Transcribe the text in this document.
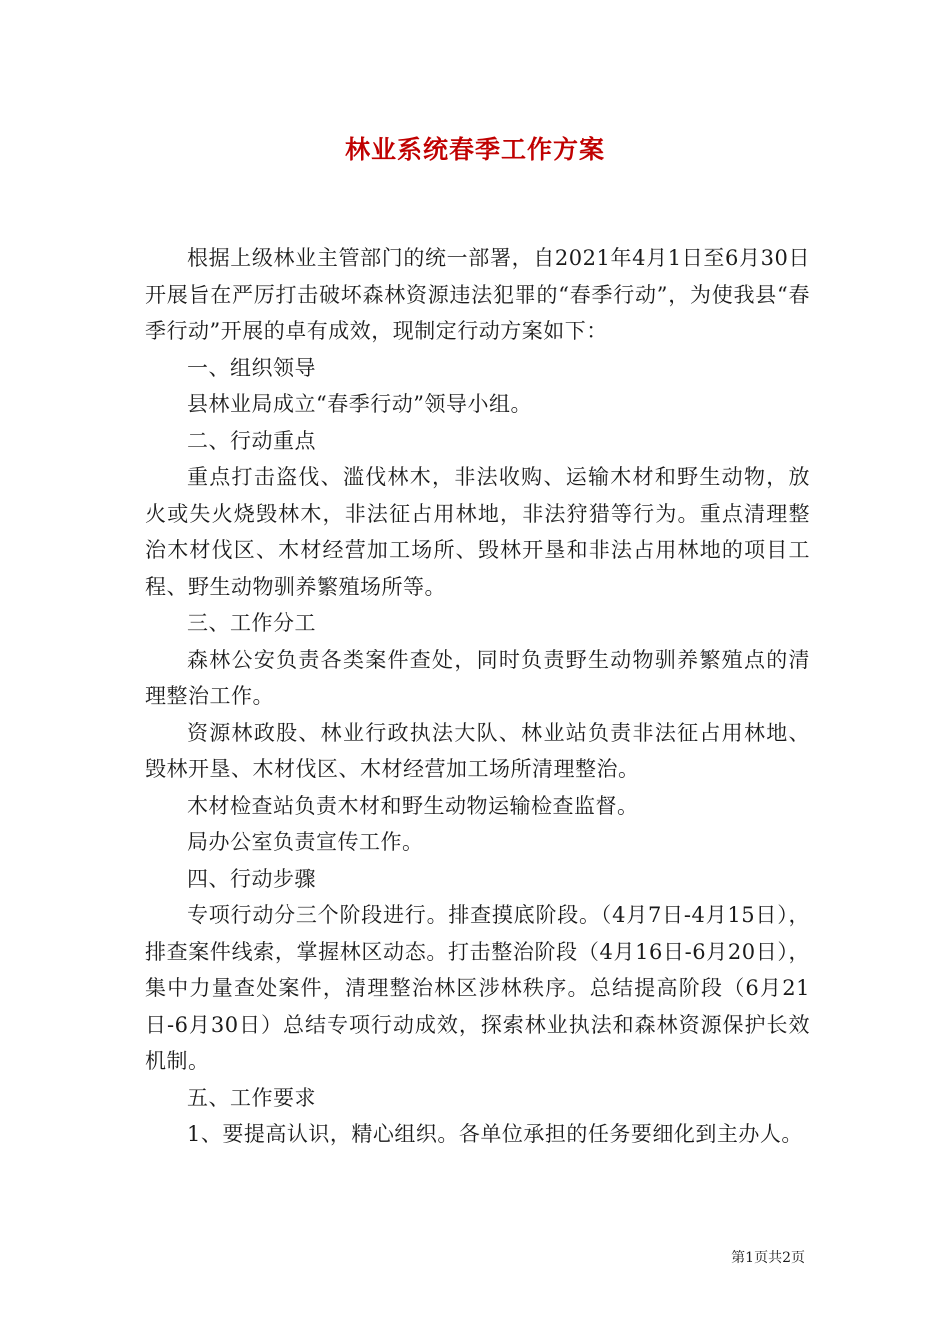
林业系统春季工作方案

根据上级林业主管部门的统一部署，自2021年4月1日至6月30日开展旨在严厉打击破坏森林资源违法犯罪的“春季行动”，为使我县“春季行动”开展的卓有成效，现制定行动方案如下：

一、组织领导

县林业局成立“春季行动”领导小组。

二、行动重点

重点打击盗伐、滥伐林木，非法收购、运输木材和野生动物，放火或失火烧毁林木，非法征占用林地，非法狩猎等行为。重点清理整治木材伐区、木材经营加工场所、毁林开垦和非法占用林地的项目工程、野生动物驯养繁殖场所等。

三、工作分工

森林公安负责各类案件查处，同时负责野生动物驯养繁殖点的清理整治工作。

资源林政股、林业行政执法大队、林业站负责非法征占用林地、毁林开垦、木材伐区、木材经营加工场所清理整治。

木材检查站负责木材和野生动物运输检查监督。

局办公室负责宣传工作。

四、行动步骤

专项行动分三个阶段进行。排查摸底阶段。（4月7日-4月15日），排查案件线索，掌握林区动态。打击整治阶段（4月16日-6月20日），集中力量查处案件，清理整治林区涉林秩序。总结提高阶段（6月21日-6月30日）总结专项行动成效，探索林业执法和森林资源保护长效机制。

五、工作要求

1、要提高认识，精心组织。各单位承担的任务要细化到主办人。

第1页共2页
